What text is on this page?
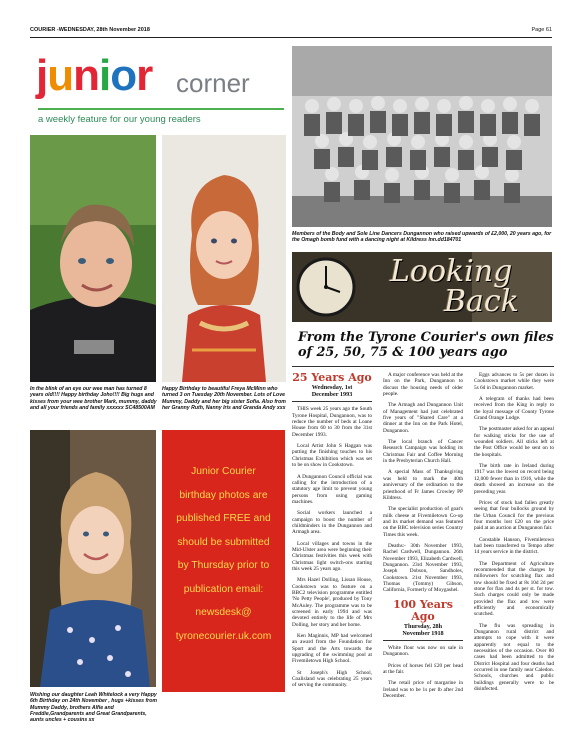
COURIER -WEDNESDAY, 28th November 2018	Page 61
junior corner
a weekly feature for our young readers
In the blink of an eye our wee man has turned 8 years old!!!! Happy birthday Joho!!!! Big hugs and kisses from your wee brother Mark, mummy, daddy and all your friends and family xxxxxx SC48500AM
Happy Birthday to beautiful Freya McMinn who turned 3 on Tuesday 20th November. Lots of Love Mummy, Daddy and her big sister Sofia. Also from her Granny Ruth, Nanny Iris and Granda Andy xxx
Wishing our daughter Leah Whitelock a very Happy 6th Birthday on 24th November , hugs +kisses from Mummy Daddy, brothers Alfie and Freddie,Grandparents and Great Grandparents, aunts uncles + cousins xx
Junior Courier
birthday photos are
published FREE and
should be submitted
by Thursday prior to
publication email:
newsdesk@
tyronecourier.uk.com
Members of the Body and Sole Line Dancers Dungannon who raised upwards of £2,000, 20 years ago, for the Omagh bomb fund with a dancing night at Kildress Inn.dd184701
Looking
Back
From the Tyrone Courier's own files of 25, 50, 75 & 100 years ago
25 Years Ago
Wednesday, 1st
December 1993

THIS week 25 years ago the South Tyrone Hospital, Dungannon, was to reduce the number of beds at Loane House from 60 to 30 from the 31st December 1993.

Local Artist John S Haggan was putting the finishing touches to his Christmas Exhibition which was set to be on show in Cookstown.

A Dungannon Council official was calling for the introduction of a statutory age limit to prevent young persons from using gaming machines.

Social workers launched a campaign to boost the number of childminders in the Dungannon and Armagh area.

Local villages and towns in the Mid-Ulster area were beginning their Christmas festivities this week with Christmas light switch-ons starting this week 25 years ago.

Mrs Hazel Dolling, Lissan House, Cookstown was to feature on a BBC2 television programme entitled 'No Petty People', produced by Tony McAuley. The programme was to be screened in early 1994 and was devoted entirely to the life of Mrs Dolling, her story and her home.

Ken Maginnis, MP had welcomed an award from the Foundation for Sport and the Arts towards the upgrading of the swimming pool at Fivemiletown High School.

St Joseph's High School, Coalisland was celebrating 25 years of serving the community.

A major conference was held at the Inn on the Park, Dungannon to discuss the housing needs of older people.

The Armagh and Dungannon Unit of Management had just celebrated five years of "Shared Care" at a dinner at the Inn on the Park Hotel, Dungannon.

The local branch of Cancer Research Campaign was holding its Christmas Fair and Coffee Morning in the Presbyterian Church Hall.

A special Mass of Thanksgiving was held to mark the 40th anniversary of the ordination to the priesthood of Fr James Crowley PP Kildress.

The specialist production of goat's milk cheese at Fivemiletown Co-op and its market demand was featured on the BBC television series Country Times this week.

Deaths:- 30th November 1993, Rachel Cardwell, Dungannon. 26th November 1993, Elizabeth Cardwell, Dungannon. 23rd November 1993, Joseph Dobson, Sandholes, Cookstown. 21st November 1993, Thomas (Tommy) Gibson, California, Formerly of Moygashel.

100 Years Ago
Thursday, 28h
November 1918

White flour was now on sale in Dungannon.

Prices of horses fell £20 per head at the fair.

The retail price of margarine in Ireland was to be 1s per lb after 2nd December.

Eggs advances to 5s per dozen in Cookstown market while they were 5s 6d in Dungannon market.

A telegram of thanks had been received from the King in reply to the loyal message of County Tyrone Grand Orange Lodge.

The postmaster asked for an appeal for walking sticks for the use of wounded soldiers. All sticks left at the Post Office would be sent on to the hospitals.

The birth rate in Ireland during 1917 was the lowest on record being 12,000 fewer than in 1916, while the death showed an increase on the preceding year.

Prices of stock had fallen greatly seeing that four bullocks ground by the Urban Council for the previous four months lost £20 on the price paid at an auction at Dungannon fair.

Constable Hanson, Fivemiletown had been transferred to Tempo after 14 years service in the district.

The Department of Agriculture recommended that the charges by millowners for scutching flax and tow should be fixed at 8s 10d 2d per stone for flax and 4s per st. for tow. Such charges could only be made provided the flax and tow were efficiently and economically scutched.

The flu was spreading in Dungannon rural district and attempts to cope with it were apparently not equal to the necessities of the occasion. Over 80 cases had been admitted to the District Hospital and four deaths had occurred in one family near Caledon. Schools, churches and public buildings generally were to be disinfected.
